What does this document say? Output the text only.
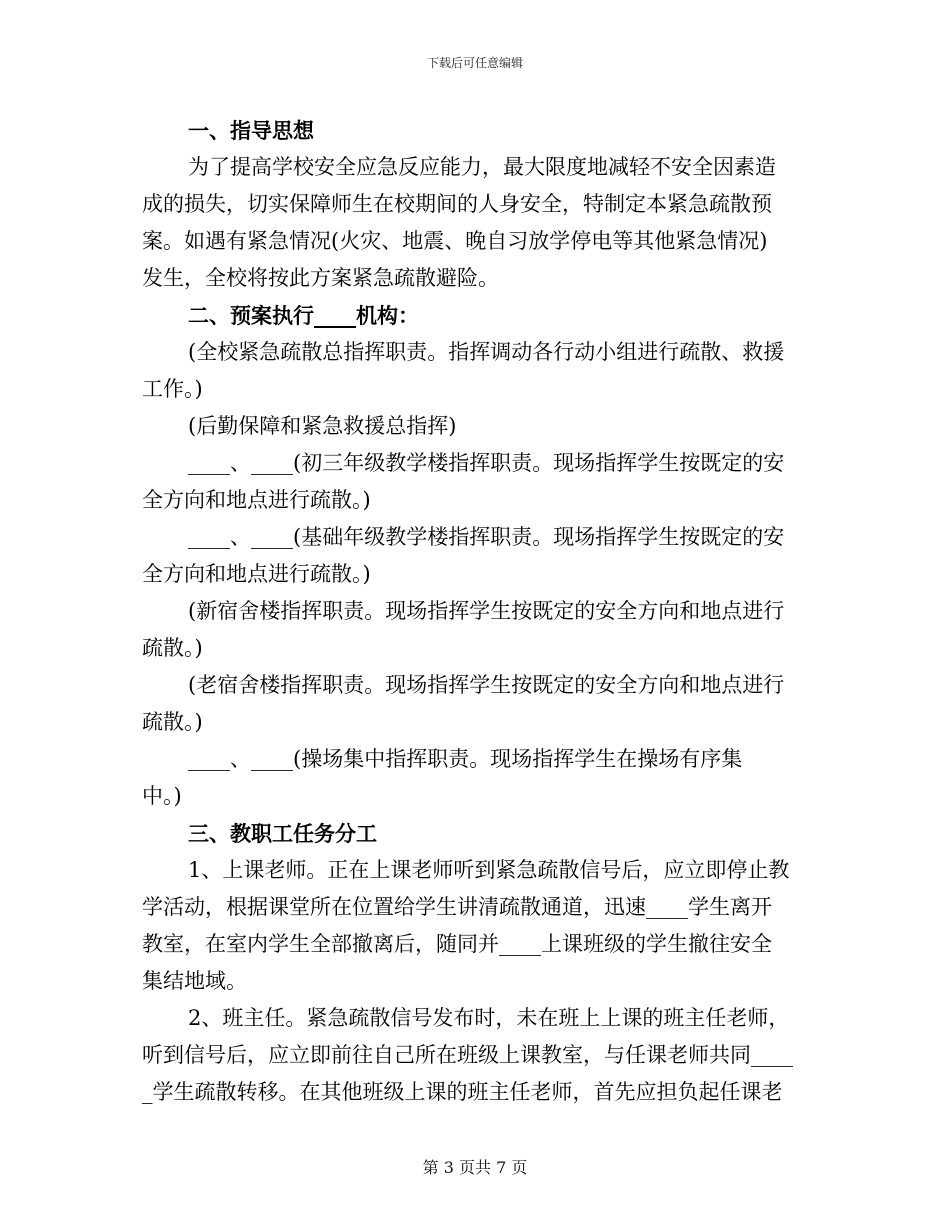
下载后可任意编辑
一、指导思想
为了提高学校安全应急反应能力，最大限度地减轻不安全因素造
成的损失，切实保障师生在校期间的人身安全，特制定本紧急疏散预
案。如遇有紧急情况(火灾、地震、晚自习放学停电等其他紧急情况)
发生，全校将按此方案紧急疏散避险。
二、预案执行____机构：
(全校紧急疏散总指挥职责。指挥调动各行动小组进行疏散、救援
工作。)
(后勤保障和紧急救援总指挥)
____、____(初三年级教学楼指挥职责。现场指挥学生按既定的安
全方向和地点进行疏散。)
____、____(基础年级教学楼指挥职责。现场指挥学生按既定的安
全方向和地点进行疏散。)
(新宿舍楼指挥职责。现场指挥学生按既定的安全方向和地点进行
疏散。)
(老宿舍楼指挥职责。现场指挥学生按既定的安全方向和地点进行
疏散。)
____、____(操场集中指挥职责。现场指挥学生在操场有序集
中。)
三、教职工任务分工
1、上课老师。正在上课老师听到紧急疏散信号后，应立即停止教
学活动，根据课堂所在位置给学生讲清疏散通道，迅速____学生离开
教室，在室内学生全部撤离后，随同并____上课班级的学生撤往安全
集结地域。
2、班主任。紧急疏散信号发布时，未在班上上课的班主任老师，
听到信号后，应立即前往自己所在班级上课教室，与任课老师共同____
_学生疏散转移。在其他班级上课的班主任老师，首先应担负起任课老
第 3 页共 7 页
